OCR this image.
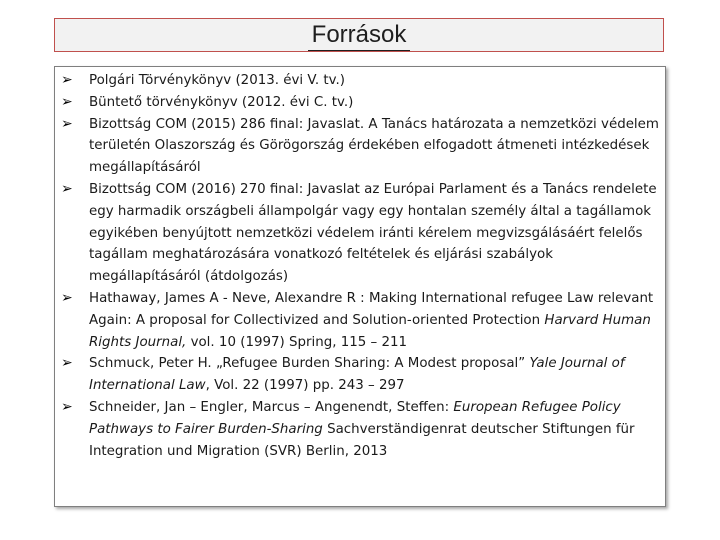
Források
➢ Polgári Törvénykönyv (2013. évi V. tv.)
➢ Büntető törvénykönyv (2012. évi C. tv.)
➢ Bizottság COM (2015) 286 final: Javaslat. A Tanács határozata a nemzetközi védelem területén Olaszország és Görögország érdekében elfogadott átmeneti intézkedések megállapításáról
➢ Bizottság COM (2016) 270 final: Javaslat az Európai Parlament és a Tanács rendelete egy harmadik országbeli állampolgár vagy egy hontalan személy által a tagállamok egyikében benyújtott nemzetközi védelem iránti kérelem megvizsgálásáért felelős tagállam meghatározására vonatkozó feltételek és eljárási szabályok megállapításáról (átdolgozás)
➢ Hathaway, James A - Neve, Alexandre R : Making International refugee Law relevant Again: A proposal for Collectivized and Solution-oriented Protection Harvard Human Rights Journal, vol. 10 (1997) Spring, 115 – 211
➢ Schmuck, Peter H. „Refugee Burden Sharing: A Modest proposal” Yale Journal of International Law, Vol. 22 (1997) pp. 243 – 297
➢ Schneider, Jan – Engler, Marcus – Angenendt, Steffen: European Refugee Policy Pathways to Fairer Burden-Sharing Sachverständigenrat deutscher Stiftungen für Integration und Migration (SVR) Berlin, 2013
